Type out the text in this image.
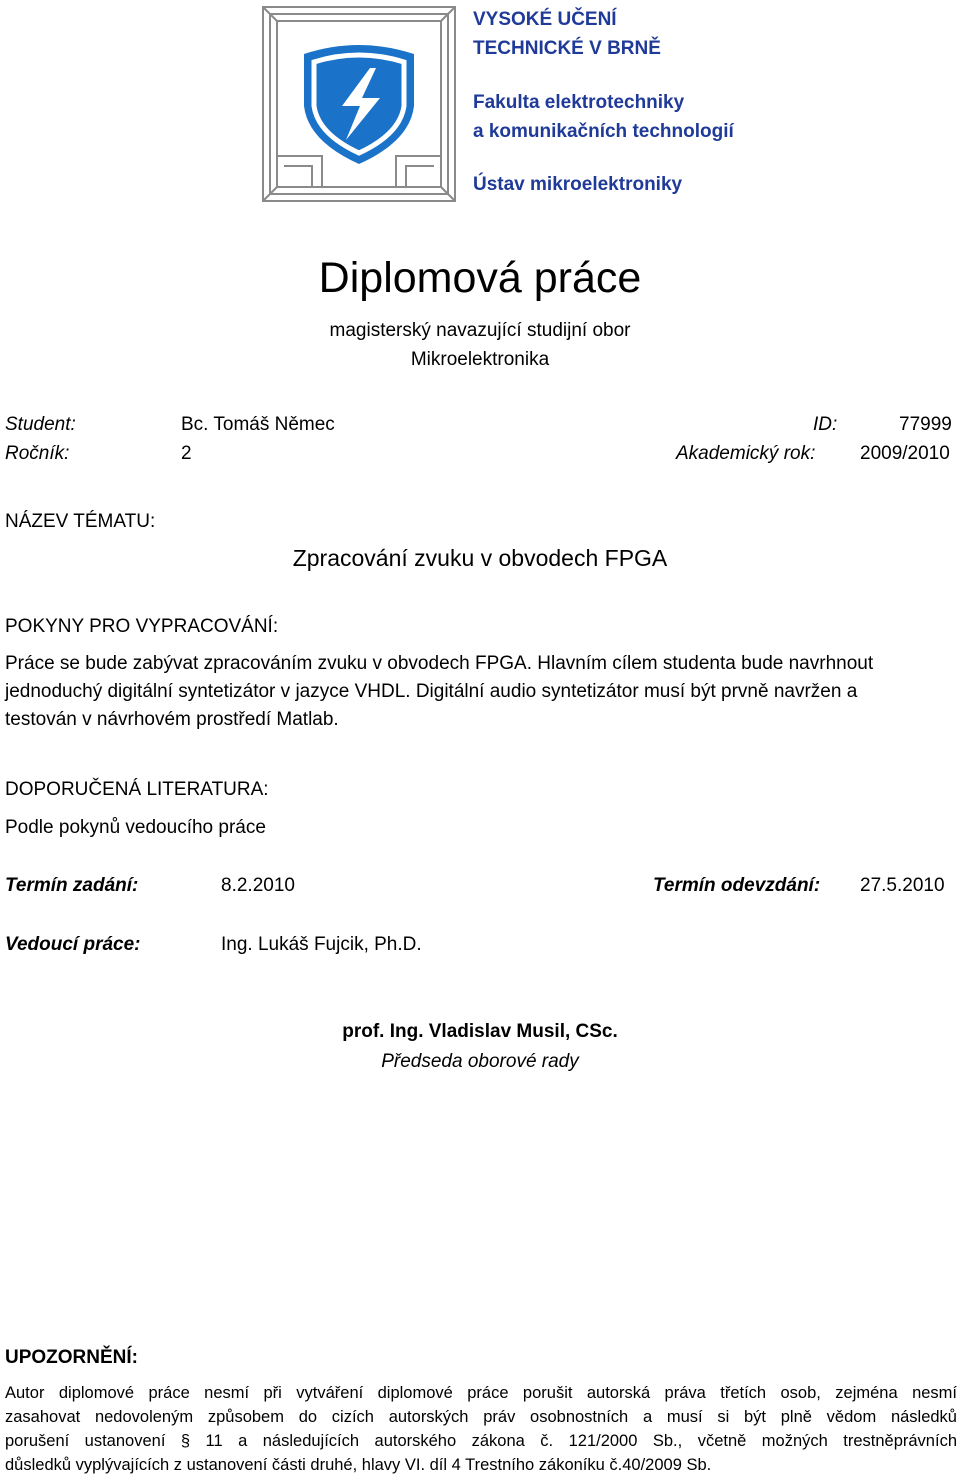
VYSOKÉ UČENÍ
TECHNICKÉ V BRNĚ
Fakulta elektrotechniky
a komunikačních technologií
Ústav mikroelektroniky
Diplomová práce
magisterský navazující studijní obor
Mikroelektronika
Student:	Bc. Tomáš Němec	ID:	77999
Ročník:	2	Akademický rok: 2009/2010
NÁZEV TÉMATU:
Zpracování zvuku v obvodech FPGA
POKYNY PRO VYPRACOVÁNÍ:
Práce se bude zabývat zpracováním zvuku v obvodech FPGA. Hlavním cílem studenta bude navrhnout
jednoduchý digitální syntetizátor v jazyce VHDL. Digitální audio syntetizátor musí být prvně navržen a
testován v návrhovém prostředí Matlab.
DOPORUČENÁ LITERATURA:
Podle pokynů vedoucího práce
Termín zadání:	8.2.2010	Termín odevzdání: 27.5.2010
Vedoucí práce:	Ing. Lukáš Fujcik, Ph.D.
prof. Ing. Vladislav Musil, CSc.
Předseda oborové rady
UPOZORNĚNÍ:
Autor diplomové práce nesmí při vytváření diplomové práce porušit autorská práva třetích osob, zejména nesmí
zasahovat nedovoleným způsobem do cizích autorských práv osobnostních a musí si být plně vědom následků
porušení ustanovení § 11 a následujících autorského zákona č. 121/2000 Sb., včetně možných trestněprávních
důsledků vyplývajících z ustanovení části druhé, hlavy VI. díl 4 Trestního zákoníku č.40/2009 Sb.
